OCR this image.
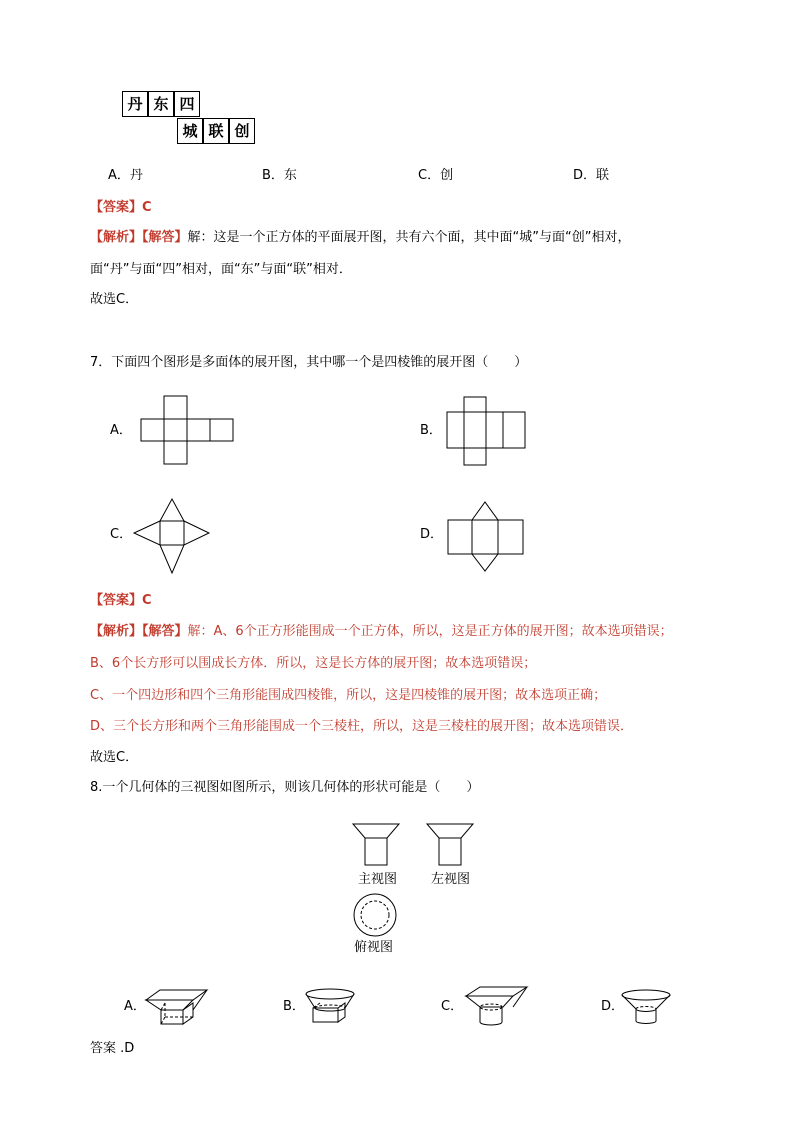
丹 东 四
城 联 创
A．丹	B．东	C．创	D．联
【答案】C
【解析】【解答】解：这是一个正方体的平面展开图，共有六个面，其中面“城”与面“创”相对，
面“丹”与面“四”相对，面“东”与面“联”相对．
故选C．
7．下面四个图形是多面体的展开图，其中哪一个是四棱锥的展开图（　　）
A．	B．
C．	D．
【答案】C
【解析】【解答】解：A、6个正方形能围成一个正方体，所以，这是正方体的展开图；故本选项错误；
B、6个长方形可以围成长方体．所以，这是长方体的展开图；故本选项错误；
C、一个四边形和四个三角形能围成四棱锥，所以，这是四棱锥的展开图；故本选项正确；
D、三个长方形和两个三角形能围成一个三棱柱，所以，这是三棱柱的展开图；故本选项错误．
故选C．
8.一个几何体的三视图如图所示，则该几何体的形状可能是（　　）
主视图	左视图
俯视图
A．	B．	C．	D．
答案 .D
